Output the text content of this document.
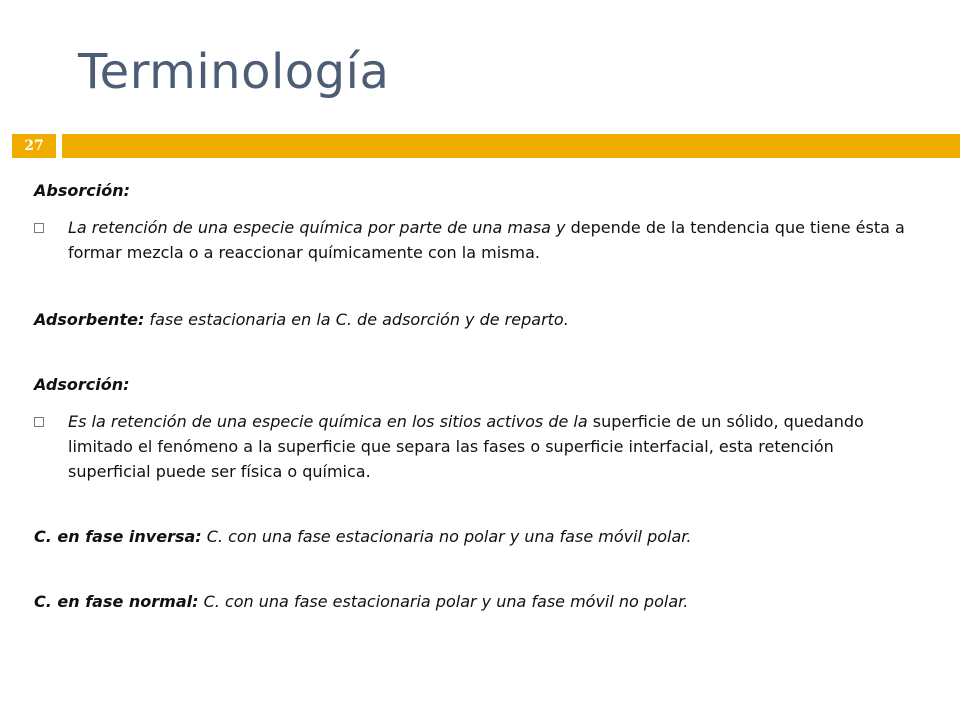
Terminología
27

Absorción:

La retención de una especie química por parte de una masa y depende de la tendencia que tiene ésta a formar mezcla o a reaccionar químicamente con la misma.

Adsorbente: fase estacionaria en la C. de adsorción y de reparto.

Adsorción:

Es la retención de una especie química en los sitios activos de la superficie de un sólido, quedando limitado el fenómeno a la superficie que separa las fases o superficie interfacial, esta retención superficial puede ser física o química.

C. en fase inversa: C. con una fase estacionaria no polar y una fase móvil polar.

C. en fase normal: C. con una fase estacionaria polar y una fase móvil no polar.
